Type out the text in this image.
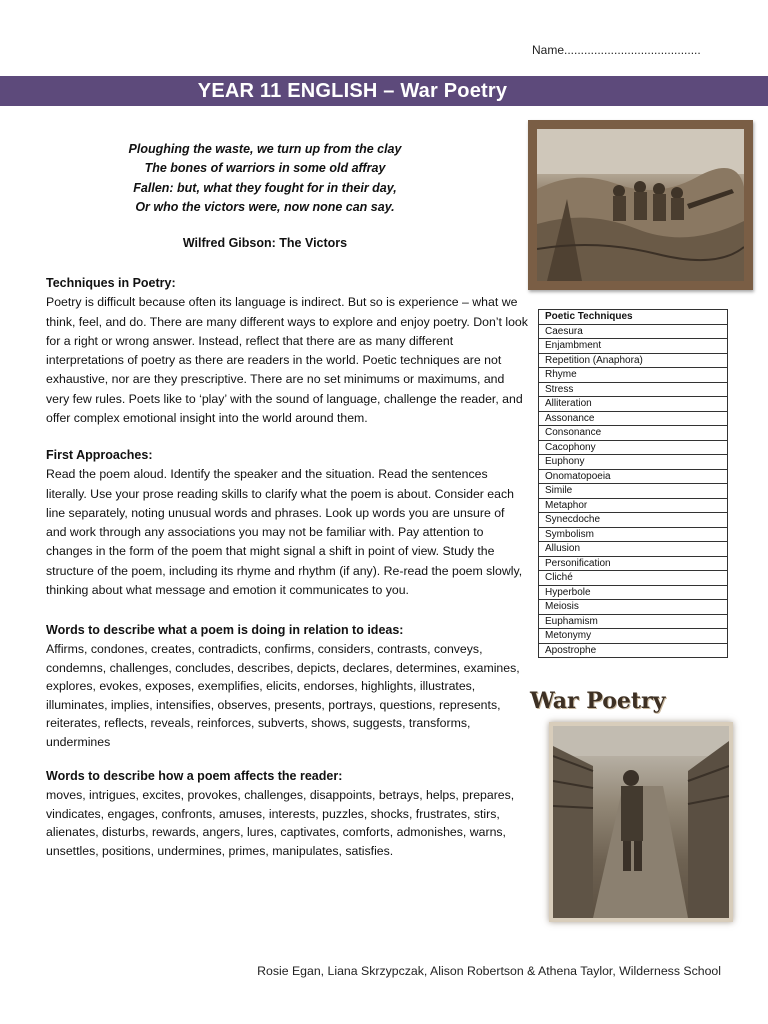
Name.........................................
YEAR 11 ENGLISH – War Poetry
Ploughing the waste, we turn up from the clay
The bones of warriors in some old affray
Fallen: but, what they fought for in their day,
Or who the victors were, now none can say.
Wilfred Gibson: The Victors
Techniques in Poetry:

Poetry is difficult because often its language is indirect. But so is experience – what we think, feel, and do. There are many different ways to explore and enjoy poetry. Don’t look for a right or wrong answer. Instead, reflect that there are as many different interpretations of poetry as there are readers in the world. Poetic techniques are not exhaustive, nor are they prescriptive. There are no set minimums or maximums, and very few rules. Poets like to ‘play’ with the sound of language, challenge the reader, and offer complex emotional insight into the world around them.

First Approaches:

Read the poem aloud. Identify the speaker and the situation. Read the sentences literally. Use your prose reading skills to clarify what the poem is about. Consider each line separately, noting unusual words and phrases. Look up words you are unsure of and work through any associations you may not be familiar with. Pay attention to changes in the form of the poem that might signal a shift in point of view. Study the structure of the poem, including its rhyme and rhythm (if any). Re-read the poem slowly, thinking about what message and emotion it communicates to you.

Words to describe what a poem is doing in relation to ideas:

Affirms, condones, creates, contradicts, confirms, considers, contrasts, conveys, condemns, challenges, concludes, describes, depicts, declares, determines, examines, explores, evokes, exposes, exemplifies, elicits, endorses, highlights, illustrates, illuminates, implies, intensifies, observes, presents, portrays, questions, represents, reiterates, reflects, reveals, reinforces, subverts, shows, suggests, transforms, undermines

Words to describe how a poem affects the reader:

moves, intrigues, excites, provokes, challenges, disappoints, betrays, helps, prepares, vindicates, engages, confronts, amuses, interests, puzzles, shocks, frustrates, stirs, alienates, disturbs, rewards, angers, lures, captivates, comforts, admonishes, warns, unsettles, positions, undermines, primes, manipulates, satisfies.

Poetic Techniques
Caesura
Enjambment
Repetition (Anaphora)
Rhyme
Stress
Alliteration
Assonance
Consonance
Cacophony
Euphony
Onomatopoeia
Simile
Metaphor
Synecdoche
Symbolism
Allusion
Personification
Cliché
Hyperbole
Meiosis
Euphamism
Metonymy
Apostrophe
War Poetry
Rosie Egan, Liana Skrzypczak, Alison Robertson & Athena Taylor, Wilderness School
